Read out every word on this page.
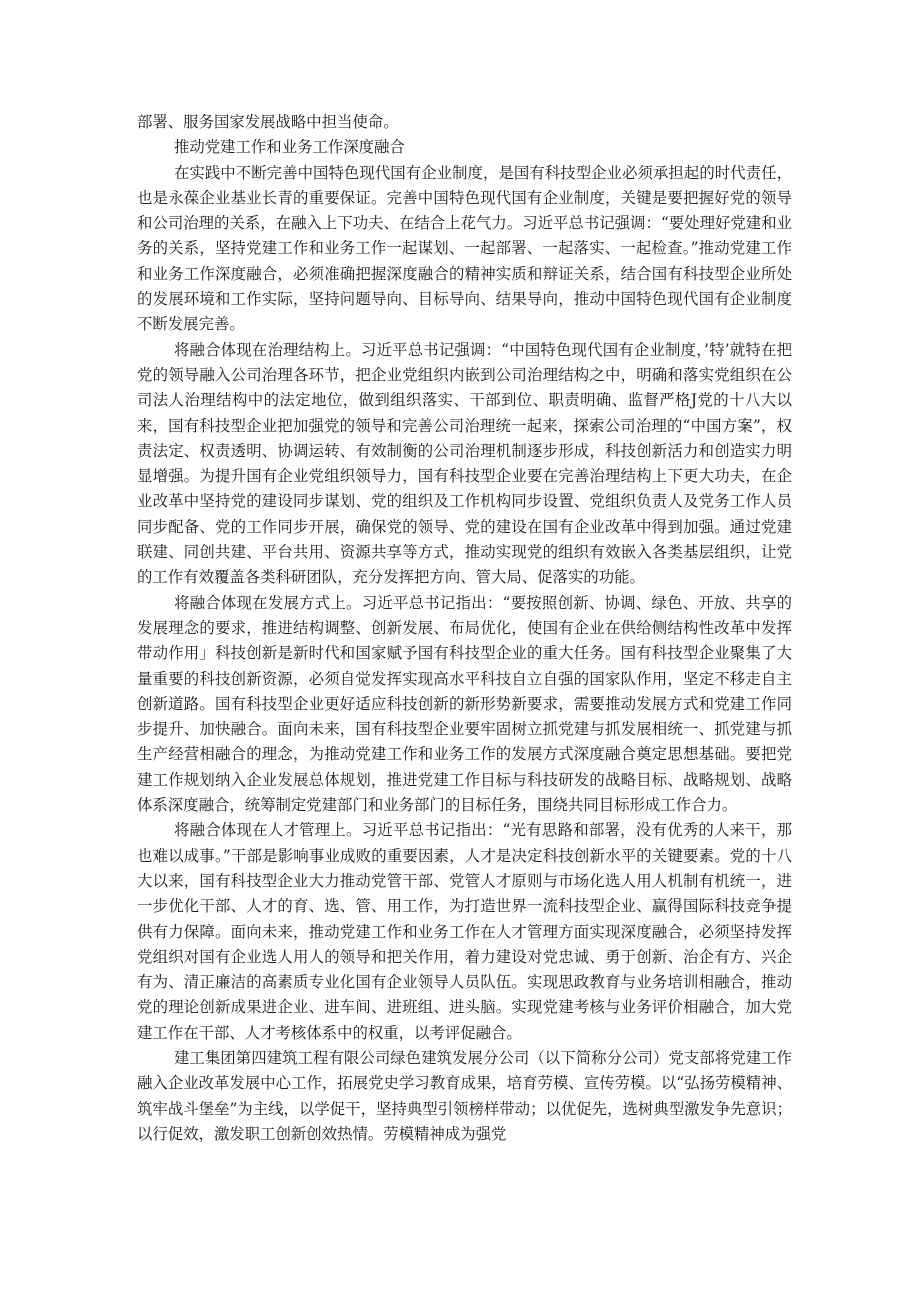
部署、服务国家发展战略中担当使命。

推动党建工作和业务工作深度融合

在实践中不断完善中国特色现代国有企业制度，是国有科技型企业必须承担起的时代责任，也是永葆企业基业长青的重要保证。完善中国特色现代国有企业制度，关键是要把握好党的领导和公司治理的关系，在融入上下功夫、在结合上花气力。习近平总书记强调：“要处理好党建和业务的关系，坚持党建工作和业务工作一起谋划、一起部署、一起落实、一起检查。”推动党建工作和业务工作深度融合，必须准确把握深度融合的精神实质和辩证关系，结合国有科技型企业所处的发展环境和工作实际，坚持问题导向、目标导向、结果导向，推动中国特色现代国有企业制度不断发展完善。

将融合体现在治理结构上。习近平总书记强调：“中国特色现代国有企业制度，’特’就特在把党的领导融入公司治理各环节，把企业党组织内嵌到公司治理结构之中，明确和落实党组织在公司法人治理结构中的法定地位，做到组织落实、干部到位、职责明确、监督严格J党的十八大以来，国有科技型企业把加强党的领导和完善公司治理统一起来，探索公司治理的“中国方案”，权责法定、权责透明、协调运转、有效制衡的公司治理机制逐步形成，科技创新活力和创造实力明显增强。为提升国有企业党组织领导力，国有科技型企业要在完善治理结构上下更大功夫，在企业改革中坚持党的建设同步谋划、党的组织及工作机构同步设置、党组织负责人及党务工作人员同步配备、党的工作同步开展，确保党的领导、党的建设在国有企业改革中得到加强。通过党建联建、同创共建、平台共用、资源共享等方式，推动实现党的组织有效嵌入各类基层组织，让党的工作有效覆盖各类科研团队，充分发挥把方向、管大局、促落实的功能。

将融合体现在发展方式上。习近平总书记指出：“要按照创新、协调、绿色、开放、共享的发展理念的要求，推进结构调整、创新发展、布局优化，使国有企业在供给侧结构性改革中发挥带动作用」科技创新是新时代和国家赋予国有科技型企业的重大任务。国有科技型企业聚集了大量重要的科技创新资源，必须自觉发挥实现高水平科技自立自强的国家队作用，坚定不移走自主创新道路。国有科技型企业更好适应科技创新的新形势新要求，需要推动发展方式和党建工作同步提升、加快融合。面向未来，国有科技型企业要牢固树立抓党建与抓发展相统一、抓党建与抓生产经营相融合的理念，为推动党建工作和业务工作的发展方式深度融合奠定思想基础。要把党建工作规划纳入企业发展总体规划，推进党建工作目标与科技研发的战略目标、战略规划、战略体系深度融合，统筹制定党建部门和业务部门的目标任务，围绕共同目标形成工作合力。

将融合体现在人才管理上。习近平总书记指出：“光有思路和部署，没有优秀的人来干，那也难以成事。”干部是影响事业成败的重要因素，人才是决定科技创新水平的关键要素。党的十八大以来，国有科技型企业大力推动党管干部、党管人才原则与市场化选人用人机制有机统一，进一步优化干部、人才的育、选、管、用工作，为打造世界一流科技型企业、赢得国际科技竞争提供有力保障。面向未来，推动党建工作和业务工作在人才管理方面实现深度融合，必须坚持发挥党组织对国有企业选人用人的领导和把关作用，着力建设对党忠诚、勇于创新、治企有方、兴企有为、清正廉洁的高素质专业化国有企业领导人员队伍。实现思政教育与业务培训相融合，推动党的理论创新成果进企业、进车间、进班组、进头脑。实现党建考核与业务评价相融合，加大党建工作在干部、人才考核体系中的权重，以考评促融合。

建工集团第四建筑工程有限公司绿色建筑发展分公司（以下简称分公司）党支部将党建工作融入企业改革发展中心工作，拓展党史学习教育成果，培育劳模、宣传劳模。以“弘扬劳模精神、筑牢战斗堡垒”为主线，以学促干，坚持典型引领榜样带动；以优促先，选树典型激发争先意识；以行促效，激发职工创新创效热情。劳模精神成为强党
